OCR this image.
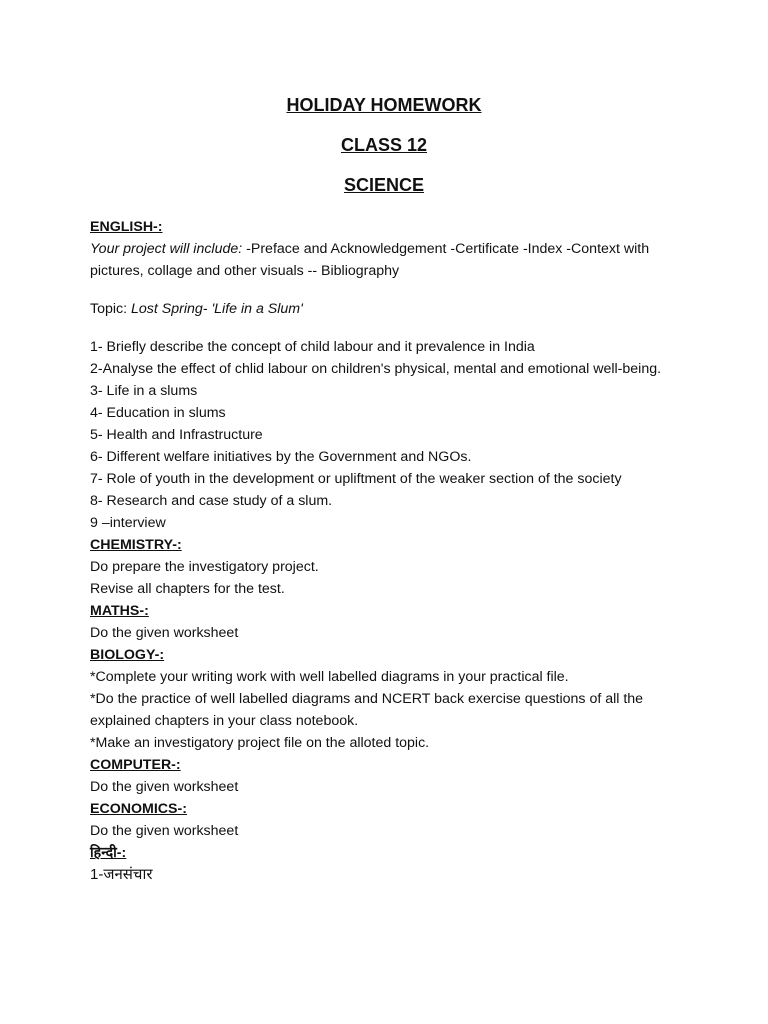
HOLIDAY HOMEWORK
CLASS 12
SCIENCE

ENGLISH-:

Your project will include: -Preface and Acknowledgement -Certificate -Index -Context with pictures, collage and other visuals -- Bibliography

Topic: Lost Spring- 'Life in a Slum'

1- Briefly describe the concept of child labour and it prevalence in India

2-Analyse the effect of chlid labour on children's physical, mental and emotional well-being.

3- Life in a slums

4- Education in slums

5- Health and Infrastructure

6- Different welfare initiatives by the Government and NGOs.

7- Role of youth in the development or upliftment of the weaker section of the society

8- Research and case study of a slum.

9 –interview

CHEMISTRY-:

Do prepare the investigatory project.

Revise all chapters for the test.

MATHS-:

Do the given worksheet

BIOLOGY-:

*Complete your writing work with well labelled diagrams in your practical file.

*Do the practice of well labelled diagrams and NCERT back exercise questions of all the explained chapters in your class notebook.

*Make an investigatory project file on the alloted topic.

COMPUTER-:

Do the given worksheet

ECONOMICS-:

Do the given worksheet

हिन्दी-:

1-जनसंचार
